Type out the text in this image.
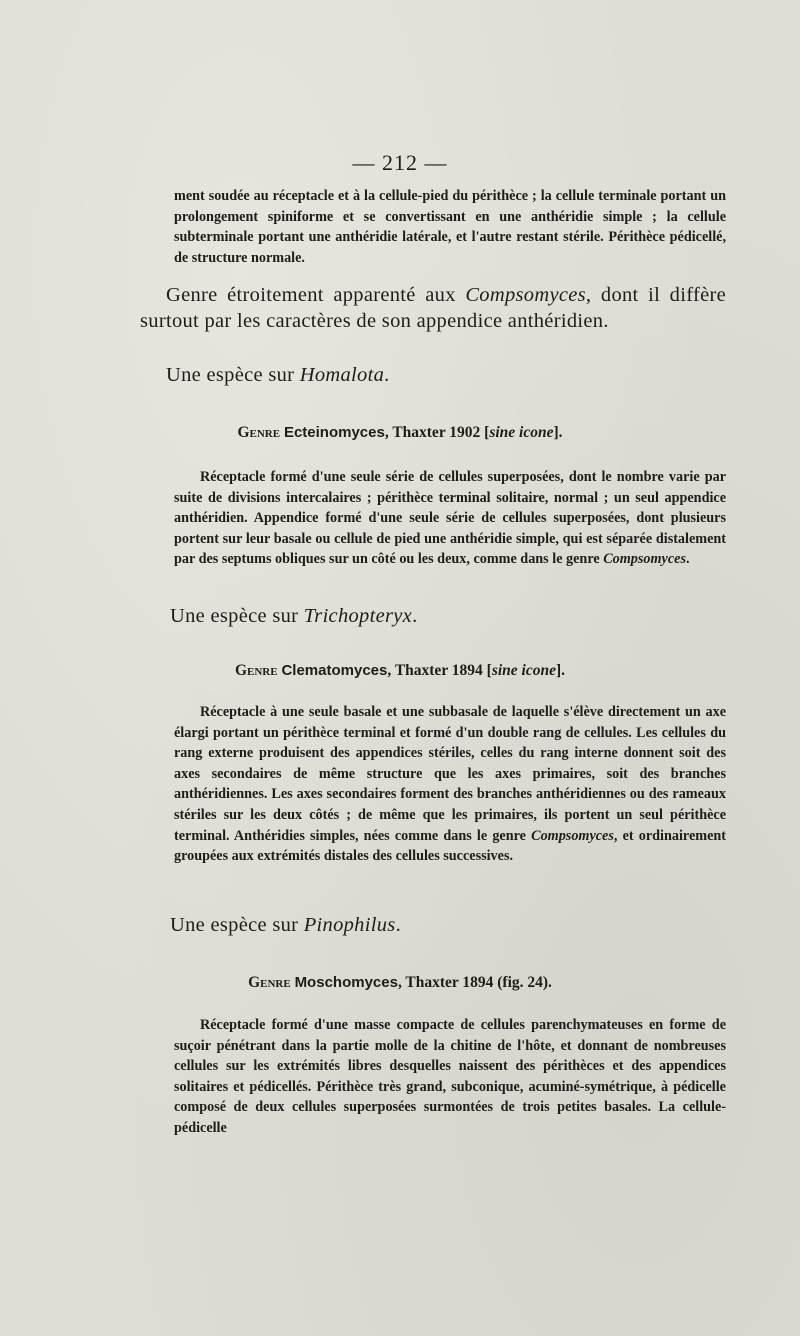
— 212 —
ment soudée au réceptacle et à la cellule-pied du périthèce ; la cellule terminale portant un prolongement spiniforme et se convertissant en une anthéridie simple ; la cellule subterminale portant une anthéridie latérale, et l'autre restant stérile. Périthèce pédicellé, de structure normale.
Genre étroitement apparenté aux Compsomyces, dont il diffère surtout par les caractères de son appendice anthéridien.
Une espèce sur Homalota.
Genre Ecteinomyces, Thaxter 1902 [sine icone].
Réceptacle formé d'une seule série de cellules superposées, dont le nombre varie par suite de divisions intercalaires ; périthèce terminal solitaire, normal ; un seul appendice anthéridien. Appendice formé d'une seule série de cellules superposées, dont plusieurs portent sur leur basale ou cellule de pied une anthéridie simple, qui est séparée distalement par des septums obliques sur un côté ou les deux, comme dans le genre Compsomyces.
Une espèce sur Trichopteryx.
Genre Clematomyces, Thaxter 1894 [sine icone].
Réceptacle à une seule basale et une subbasale de laquelle s'élève directement un axe élargi portant un périthèce terminal et formé d'un double rang de cellules. Les cellules du rang externe produisent des appendices stériles, celles du rang interne donnent soit des axes secondaires de même structure que les axes primaires, soit des branches anthéridiennes. Les axes secondaires forment des branches anthéridiennes ou des rameaux stériles sur les deux côtés ; de même que les primaires, ils portent un seul périthèce terminal. Anthéridies simples, nées comme dans le genre Compsomyces, et ordinairement groupées aux extrémités distales des cellules successives.
Une espèce sur Pinophilus.
Genre Moschomyces, Thaxter 1894 (fig. 24).
Réceptacle formé d'une masse compacte de cellules parenchymateuses en forme de suçoir pénétrant dans la partie molle de la chitine de l'hôte, et donnant de nombreuses cellules sur les extrémités libres desquelles naissent des périthèces et des appendices solitaires et pédicellés. Périthèce très grand, subconique, acuminé-symétrique, à pédicelle composé de deux cellules superposées surmontées de trois petites basales. La cellule-pédicelle
